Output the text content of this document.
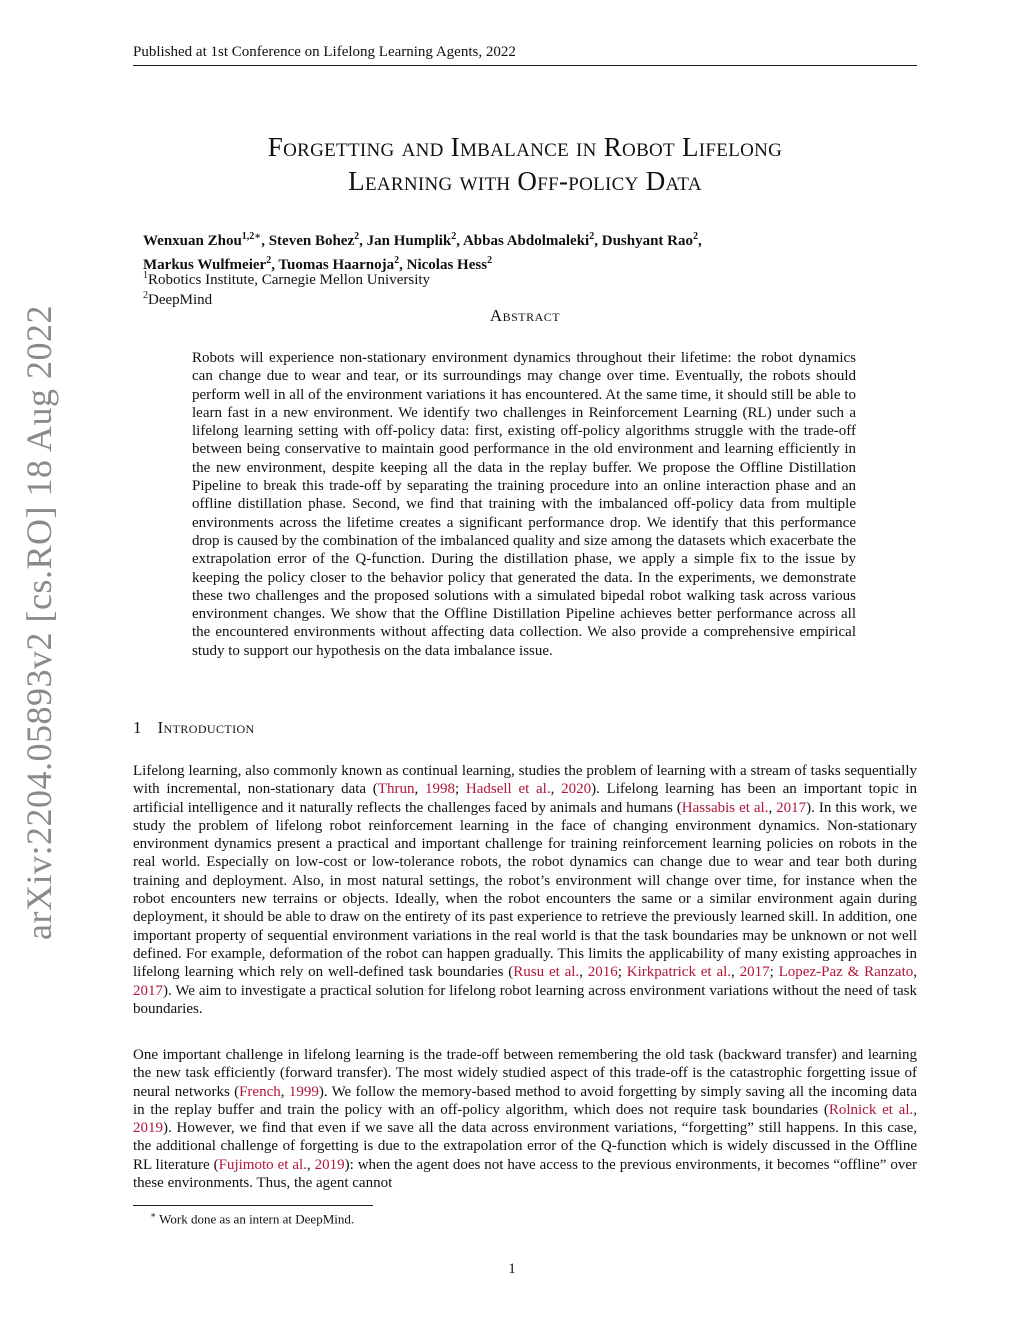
Published at 1st Conference on Lifelong Learning Agents, 2022
Forgetting and Imbalance in Robot Lifelong
Learning with Off-policy Data
Wenxuan Zhou$^{1,2∗}$, Steven Bohez$^2$, Jan Humplik$^2$, Abbas Abdolmaleki$^2$, Dushyant Rao$^2$,
Markus Wulfmeier$^2$, Tuomas Haarnoja$^2$, Nicolas Hess$^2$
$^1$Robotics Institute, Carnegie Mellon University
$^2$DeepMind
Abstract
Robots will experience non-stationary environment dynamics throughout their lifetime: the robot dynamics can change due to wear and tear, or its surroundings may change over time. Eventually, the robots should perform well in all of the environment variations it has encountered. At the same time, it should still be able to learn fast in a new environment. We identify two challenges in Reinforcement Learning (RL) under such a lifelong learning setting with off-policy data: first, existing off-policy algorithms struggle with the trade-off between being conservative to maintain good performance in the old environment and learning efficiently in the new environment, despite keeping all the data in the replay buffer. We propose the Offline Distillation Pipeline to break this trade-off by separating the training procedure into an online interaction phase and an offline distillation phase. Second, we find that training with the imbalanced off-policy data from multiple environments across the lifetime creates a significant performance drop. We identify that this performance drop is caused by the combination of the imbalanced quality and size among the datasets which exacerbate the extrapolation error of the Q-function. During the distillation phase, we apply a simple fix to the issue by keeping the policy closer to the behavior policy that generated the data. In the experiments, we demonstrate these two challenges and the proposed solutions with a simulated bipedal robot walking task across various environment changes. We show that the Offline Distillation Pipeline achieves better performance across all the encountered environments without affecting data collection. We also provide a comprehensive empirical study to support our hypothesis on the data imbalance issue.
1 Introduction
Lifelong learning, also commonly known as continual learning, studies the problem of learning with a stream of tasks sequentially with incremental, non-stationary data (Thrun, 1998; Hadsell et al., 2020). Lifelong learning has been an important topic in artificial intelligence and it naturally reflects the challenges faced by animals and humans (Hassabis et al., 2017). In this work, we study the problem of lifelong robot reinforcement learning in the face of changing environment dynamics. Non-stationary environment dynamics present a practical and important challenge for training reinforcement learning policies on robots in the real world. Especially on low-cost or low-tolerance robots, the robot dynamics can change due to wear and tear both during training and deployment. Also, in most natural settings, the robot’s environment will change over time, for instance when the robot encounters new terrains or objects. Ideally, when the robot encounters the same or a similar environment again during deployment, it should be able to draw on the entirety of its past experience to retrieve the previously learned skill. In addition, one important property of sequential environment variations in the real world is that the task boundaries may be unknown or not well defined. For example, deformation of the robot can happen gradually. This limits the applicability of many existing approaches in lifelong learning which rely on well-defined task boundaries (Rusu et al., 2016; Kirkpatrick et al., 2017; Lopez-Paz & Ranzato, 2017). We aim to investigate a practical solution for lifelong robot learning across environment variations without the need of task boundaries.
One important challenge in lifelong learning is the trade-off between remembering the old task (backward transfer) and learning the new task efficiently (forward transfer). The most widely studied aspect of this trade-off is the catastrophic forgetting issue of neural networks (French, 1999). We follow the memory-based method to avoid forgetting by simply saving all the incoming data in the replay buffer and train the policy with an off-policy algorithm, which does not require task boundaries (Rolnick et al., 2019). However, we find that even if we save all the data across environment variations, “forgetting” still happens. In this case, the additional challenge of forgetting is due to the extrapolation error of the Q-function which is widely discussed in the Offline RL literature (Fujimoto et al., 2019): when the agent does not have access to the previous environments, it becomes “offline” over these environments. Thus, the agent cannot
∗ Work done as an intern at DeepMind.
1
arXiv:2204.05893v2 [cs.RO] 18 Aug 2022
